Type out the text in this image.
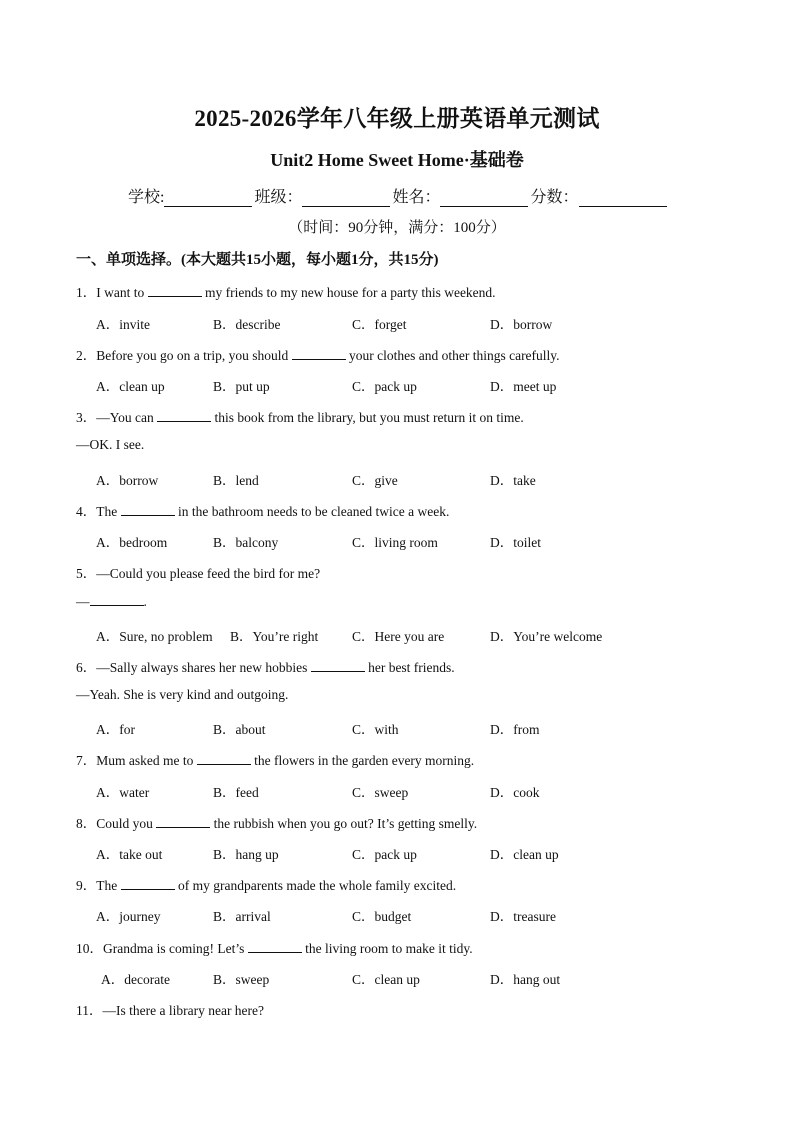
2025-2026学年八年级上册英语单元测试
Unit2 Home Sweet Home·基础卷
学校:	班级：	姓名：	分数：
（时间：90分钟，满分：100分）
一、单项选择。(本大题共15小题，每小题1分，共15分)
1．I want to	my friends to my new house for a party this weekend.
A．invite	B．describe	C．forget	D．borrow
2．Before you go on a trip, you should	your clothes and other things carefully.
A．clean up	B．put up	C．pack up	D．meet up
3．—You can	this book from the library, but you must return it on time.
—OK. I see.
A．borrow	B．lend	C．give	D．take
4．The	in the bathroom needs to be cleaned twice a week.
A．bedroom	B．balcony	C．living room	D．toilet
5．—Could you please feed the bird for me?
—	.
A．Sure, no problem B．You’re right C．Here you are	D．You’re welcome
6．—Sally always shares her new hobbies	her best friends.
—Yeah. She is very kind and outgoing.
A．for	B．about	C．with	D．from
7．Mum asked me to	the flowers in the garden every morning.
A．water	B．feed	C．sweep	D．cook
8．Could you	the rubbish when you go out? It’s getting smelly.
A．take out	B．hang up	C．pack up	D．clean up
9．The	of my grandparents made the whole family excited.
A．journey	B．arrival	C．budget	D．treasure
10．Grandma is coming! Let’s	the living room to make it tidy.
A．decorate	B．sweep	C．clean up	D．hang out
11．—Is there a library near here?
